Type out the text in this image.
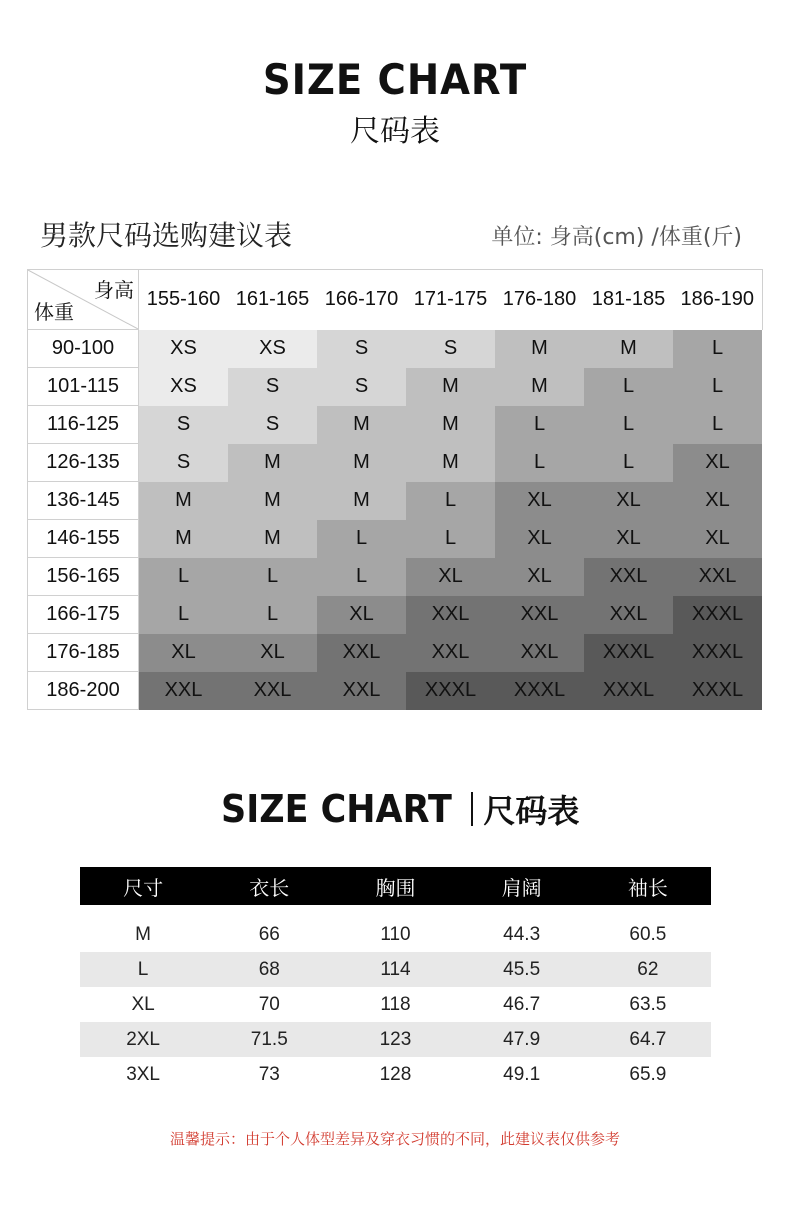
SIZE CHART
尺码表
男款尺码选购建议表	单位: 身高(cm) /体重(斤)
身高
体重	155-160	161-165	166-170	171-175	176-180	181-185	186-190
90-100	XS	XS	S	S	M	M	L
101-115	XS	S	S	M	M	L	L
116-125	S	S	M	M	L	L	L
126-135	S	M	M	M	L	L	XL
136-145	M	M	M	L	XL	XL	XL
146-155	M	M	L	L	XL	XL	XL
156-165	L	L	L	XL	XL	XXL	XXL
166-175	L	L	XL	XXL	XXL	XXL	XXXL
176-185	XL	XL	XXL	XXL	XXL	XXXL	XXXL
186-200	XXL	XXL	XXL	XXXL	XXXL	XXXL	XXXL
SIZE CHART 尺码表
尺寸	衣长	胸围	肩阔	袖长

M	66	110	44.3	60.5
L	68	114	45.5	62
XL	70	118	46.7	63.5
2XL	71.5	123	47.9	64.7
3XL	73	128	49.1	65.9
温馨提示：由于个人体型差异及穿衣习惯的不同，此建议表仅供参考
